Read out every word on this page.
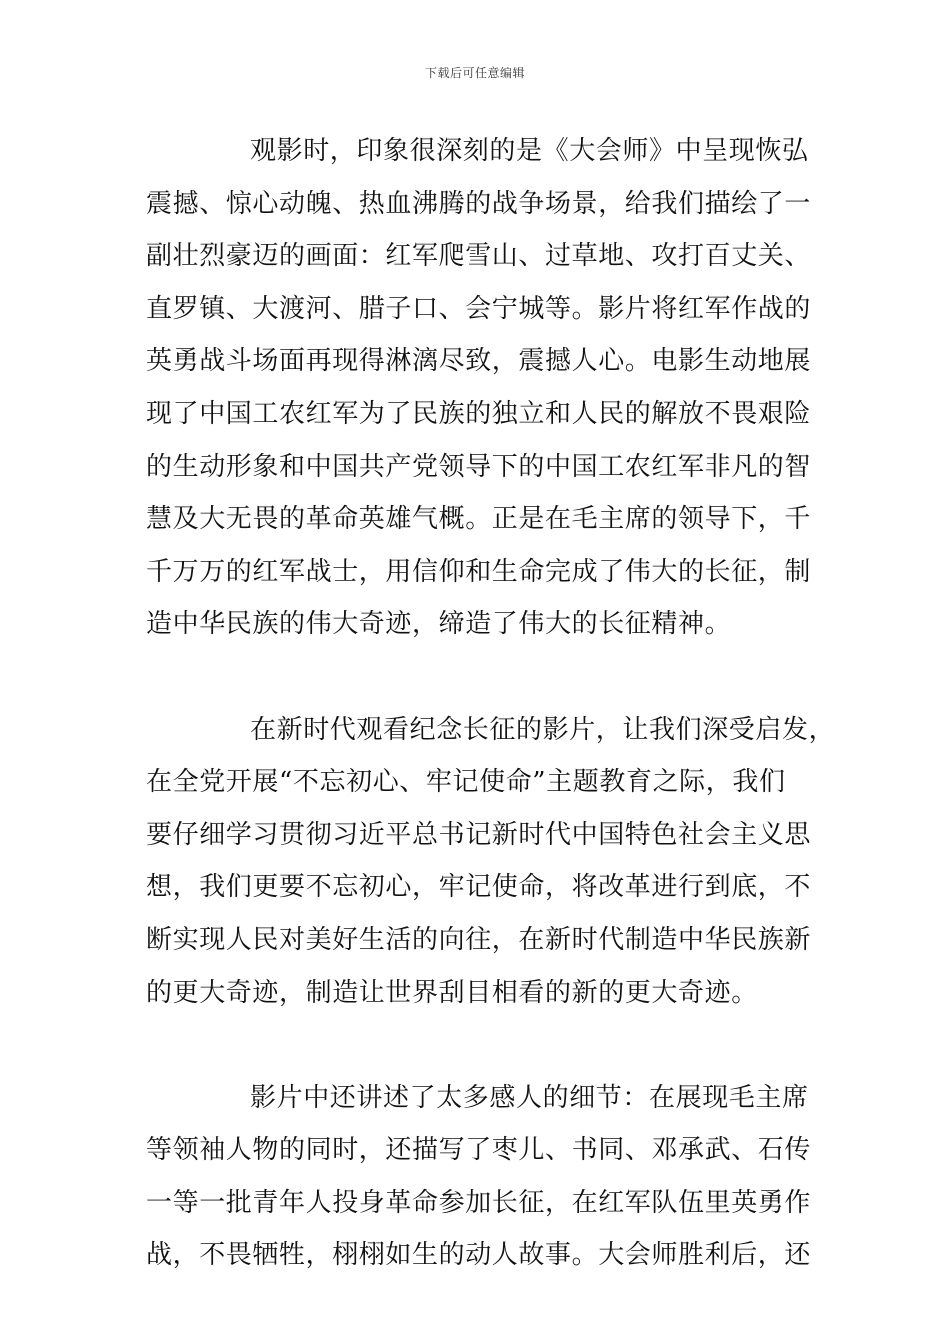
下载后可任意编辑
观影时，印象很深刻的是《大会师》中呈现恢弘
震撼、惊心动魄、热血沸腾的战争场景，给我们描绘了一
副壮烈豪迈的画面：红军爬雪山、过草地、攻打百丈关、
直罗镇、大渡河、腊子口、会宁城等。影片将红军作战的
英勇战斗场面再现得淋漓尽致，震撼人心。电影生动地展
现了中国工农红军为了民族的独立和人民的解放不畏艰险
的生动形象和中国共产党领导下的中国工农红军非凡的智
慧及大无畏的革命英雄气概。正是在毛主席的领导下，千
千万万的红军战士，用信仰和生命完成了伟大的长征，制
造中华民族的伟大奇迹，缔造了伟大的长征精神。
在新时代观看纪念长征的影片，让我们深受启发，
在全党开展“不忘初心、牢记使命”主题教育之际，我们
要仔细学习贯彻习近平总书记新时代中国特色社会主义思
想，我们更要不忘初心，牢记使命，将改革进行到底，不
断实现人民对美好生活的向往，在新时代制造中华民族新
的更大奇迹，制造让世界刮目相看的新的更大奇迹。
影片中还讲述了太多感人的细节：在展现毛主席
等领袖人物的同时，还描写了枣儿、书同、邓承武、石传
一等一批青年人投身革命参加长征，在红军队伍里英勇作
战，不畏牺牲，栩栩如生的动人故事。大会师胜利后，还
